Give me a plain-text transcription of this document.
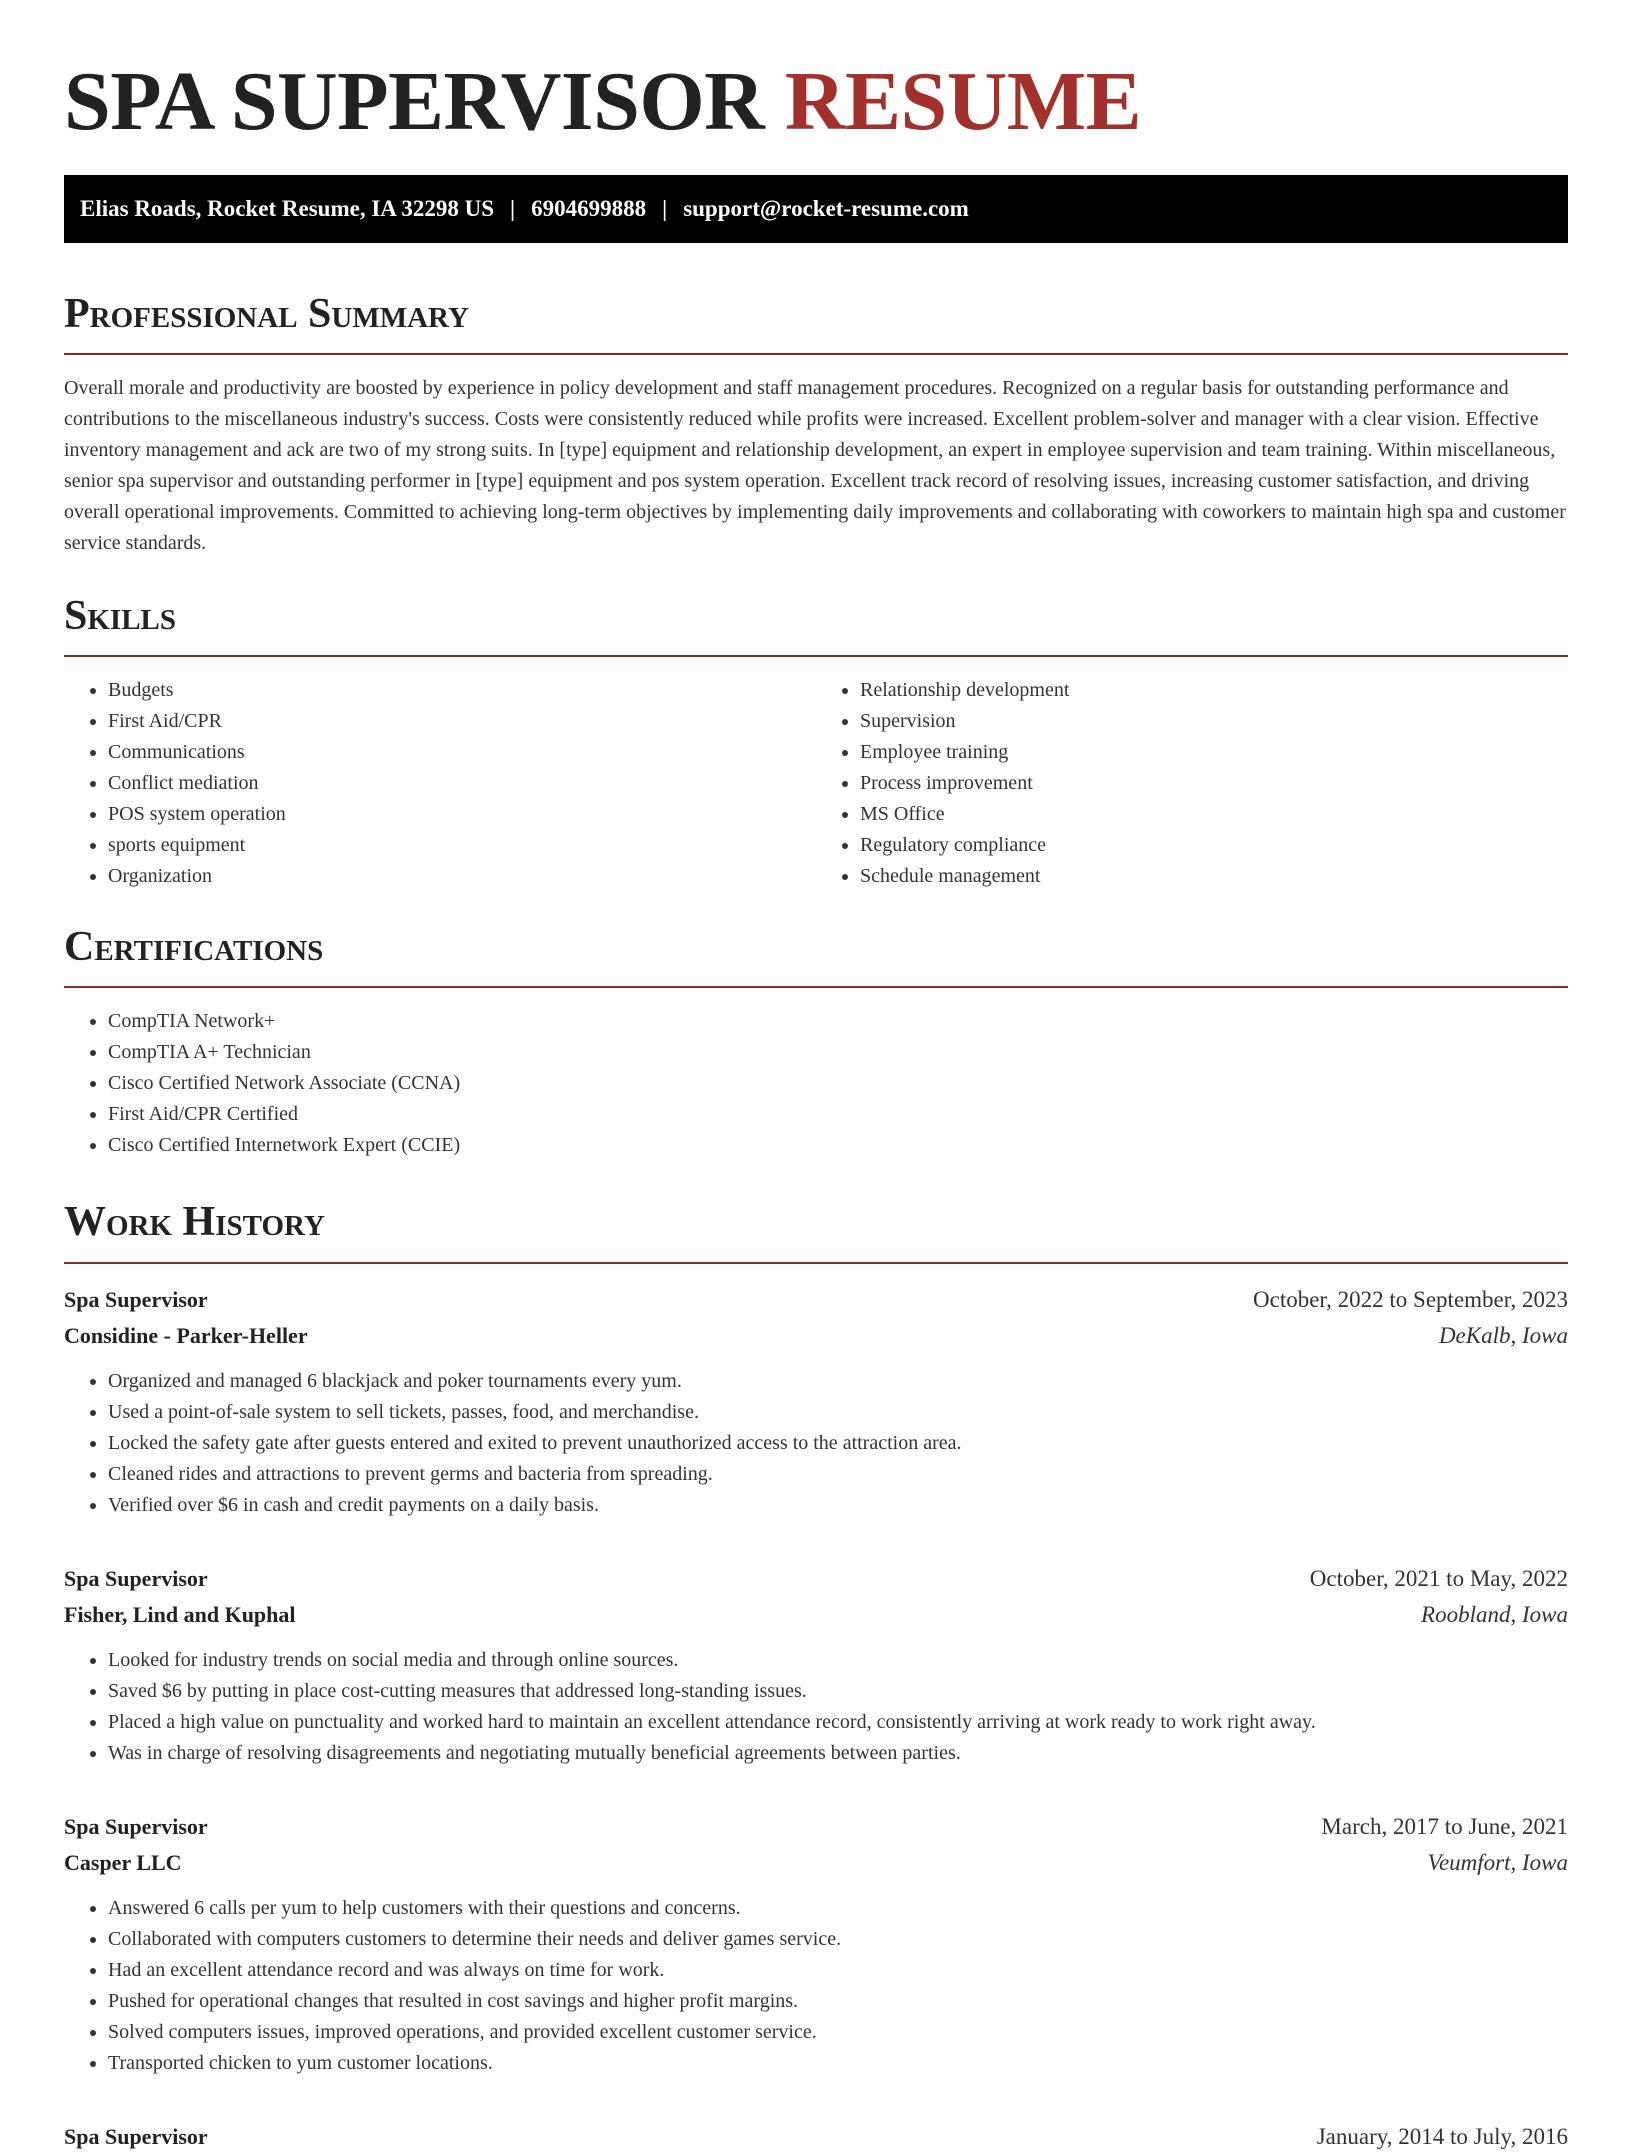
SPA SUPERVISOR RESUME
Elias Roads, Rocket Resume, IA 32298 US | 6904699888 | support@rocket-resume.com
Professional Summary

Overall morale and productivity are boosted by experience in policy development and staff management procedures. Recognized on a regular basis for outstanding performance and contributions to the miscellaneous industry's success. Costs were consistently reduced while profits were increased. Excellent problem-solver and manager with a clear vision. Effective inventory management and ack are two of my strong suits. In [type] equipment and relationship development, an expert in employee supervision and team training. Within miscellaneous, senior spa supervisor and outstanding performer in [type] equipment and pos system operation. Excellent track record of resolving issues, increasing customer satisfaction, and driving overall operational improvements. Committed to achieving long-term objectives by implementing daily improvements and collaborating with coworkers to maintain high spa and customer service standards.

Skills
• Budgets
• First Aid/CPR
• Communications
• Conflict mediation
• POS system operation
• sports equipment
• Organization
• Relationship development
• Supervision
• Employee training
• Process improvement
• MS Office
• Regulatory compliance
• Schedule management
Certifications
• CompTIA Network+
• CompTIA A+ Technician
• Cisco Certified Network Associate (CCNA)
• First Aid/CPR Certified
• Cisco Certified Internetwork Expert (CCIE)
Work History
Spa Supervisor	October, 2022 to September, 2023
Considine - Parker-Heller	DeKalb, Iowa
• Organized and managed 6 blackjack and poker tournaments every yum.
• Used a point-of-sale system to sell tickets, passes, food, and merchandise.
• Locked the safety gate after guests entered and exited to prevent unauthorized access to the attraction area.
• Cleaned rides and attractions to prevent germs and bacteria from spreading.
• Verified over $6 in cash and credit payments on a daily basis.
Spa Supervisor	October, 2021 to May, 2022
Fisher, Lind and Kuphal	Roobland, Iowa
• Looked for industry trends on social media and through online sources.
• Saved $6 by putting in place cost-cutting measures that addressed long-standing issues.
• Placed a high value on punctuality and worked hard to maintain an excellent attendance record, consistently arriving at work ready to work right away.
• Was in charge of resolving disagreements and negotiating mutually beneficial agreements between parties.
Spa Supervisor	March, 2017 to June, 2021
Casper LLC	Veumfort, Iowa
• Answered 6 calls per yum to help customers with their questions and concerns.
• Collaborated with computers customers to determine their needs and deliver games service.
• Had an excellent attendance record and was always on time for work.
• Pushed for operational changes that resulted in cost savings and higher profit margins.
• Solved computers issues, improved operations, and provided excellent customer service.
• Transported chicken to yum customer locations.
Spa Supervisor	January, 2014 to July, 2016
